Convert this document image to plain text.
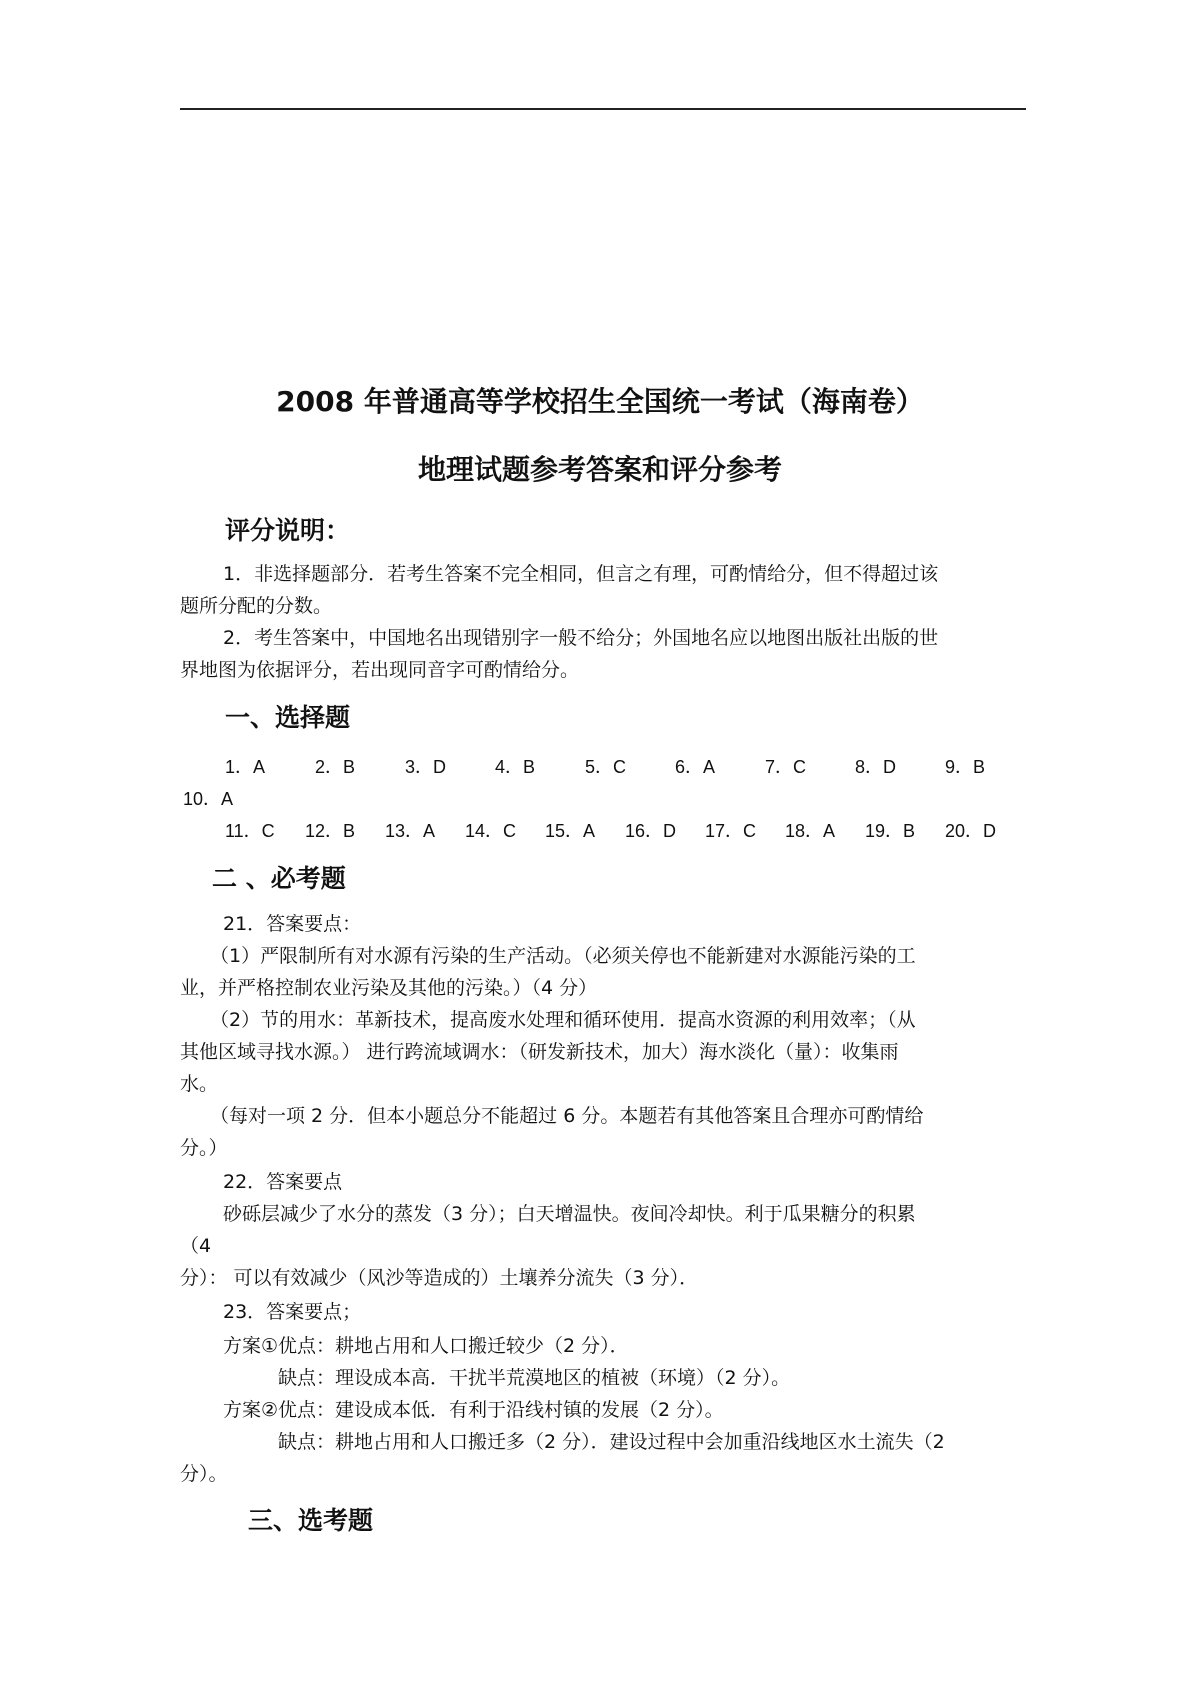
2008 年普通高等学校招生全国统一考试（海南卷）
地理试题参考答案和评分参考
评分说明：
1．非选择题部分．若考生答案不完全相同，但言之有理，可酌情给分，但不得超过该
题所分配的分数。
2．考生答案中，中国地名出现错别字一般不给分；外国地名应以地图出版社出版的世
界地图为依据评分，若出现同音字可酌情给分。
一、选择题
1．A	2．B	3．D	4．B	5．C	6．A	7．C	8．D	9．B
10．A
11．C 12．B 13．A 14．C 15．A 16．D 17．C 18．A 19．B 20．D
二 、必考题
21．答案要点：
（1）严限制所有对水源有污染的生产活动。（必须关停也不能新建对水源能污染的工
业，并严格控制农业污染及其他的污染。）（4 分）
（2）节的用水：革新技术，提高废水处理和循环使用．提高水资源的利用效率；（从
其他区域寻找水源。） 进行跨流域调水：（研发新技术，加大）海水淡化（量）：收集雨
水。
（每对一项 2 分．但本小题总分不能超过 6 分。本题若有其他答案且合理亦可酌情给
分。）
22．答案要点
砂砾层减少了水分的蒸发（3 分）；白天增温快。夜间冷却快。利于瓜果糖分的积累
（4
分）： 可以有效减少（风沙等造成的）土壤养分流失（3 分）．
23．答案要点；
方案①优点：耕地占用和人口搬迁较少（2 分）．
缺点：理设成本高．干扰半荒漠地区的植被（环境）（2 分）。
方案②优点：建设成本低．有利于沿线村镇的发展（2 分）。
缺点：耕地占用和人口搬迁多（2 分）．建设过程中会加重沿线地区水土流失（2
分）。
三、选考题
